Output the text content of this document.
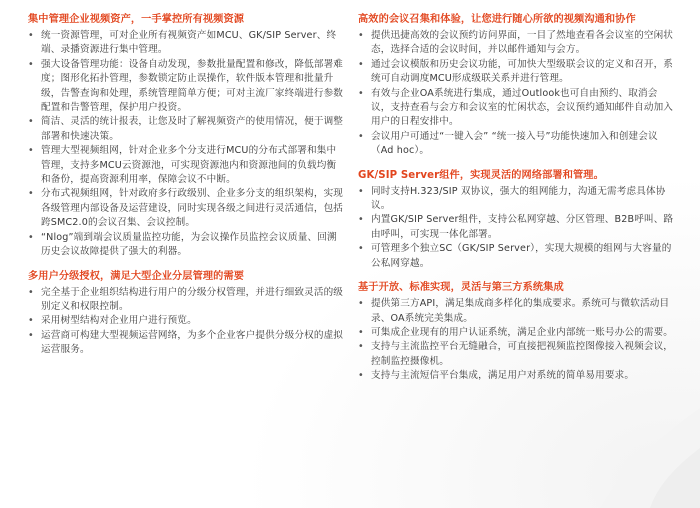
集中管理企业视频资产，一手掌控所有视频资源
• 统一资源管理，可对企业所有视频资产如MCU、GK/SIP Server、终端、录播资源进行集中管理。
• 强大设备管理功能：设备自动发现，参数批量配置和修改，降低部署难度；图形化拓扑管理，参数锁定防止误操作，软件版本管理和批量升级，告警查询和处理，系统管理简单方便；可对主流厂家终端进行参数配置和告警管理，保护用户投资。
• 简洁、灵活的统计报表，让您及时了解视频资产的使用情况，便于调整部署和快速决策。
• 管理大型视频组网，针对企业多个分支进行MCU的分布式部署和集中管理，支持多MCU云资源池，可实现资源池内和资源池间的负载均衡和备份，提高资源利用率，保障会议不中断。
• 分布式视频组网，针对政府多行政级别、企业多分支的组织架构，实现各级管理内部设备及运营建设，同时实现各级之间进行灵活通信，包括跨SMC2.0的会议召集、会议控制。
• “Nlog”端到端会议质量监控功能，为会议操作员监控会议质量、回溯历史会议故障提供了强大的利器。
多用户分级授权，满足大型企业分层管理的需要
• 完全基于企业组织结构进行用户的分级分权管理，并进行细致灵活的级别定义和权限控制。
• 采用树型结构对企业用户进行预览。
• 运营商可构建大型视频运营网络，为多个企业客户提供分级分权的虚拟运营服务。
高效的会议召集和体验，让您进行随心所欲的视频沟通和协作
• 提供迅捷高效的会议预约访问界面，一目了然地查看各会议室的空闲状态，选择合适的会议时间，并以邮件通知与会方。
• 通过会议模版和历史会议功能，可加快大型级联会议的定义和召开，系统可自动调度MCU形成级联关系并进行管理。
• 有效与企业OA系统进行集成，通过Outlook也可自由预约、取消会议，支持查看与会方和会议室的忙闲状态，会议预约通知邮件自动加入用户的日程安排中。
• 会议用户可通过“一键入会” “统一接入号”功能快速加入和创建会议（Ad hoc）。
GK/SIP Server组件，实现灵活的网络部署和管理。
• 同时支持H.323/SIP 双协议，强大的组网能力，沟通无需考虑具体协议。
• 内置GK/SIP Server组件，支持公私网穿越、分区管理、B2B呼叫、路由呼叫，可实现一体化部署。
• 可管理多个独立SC（GK/SIP Server），实现大规模的组网与大容量的公私网穿越。
基于开放、标准实现，灵活与第三方系统集成
• 提供第三方API，满足集成商多样化的集成要求。系统可与微软活动目录、OA系统完美集成。
• 可集成企业现有的用户认证系统，满足企业内部统一账号办公的需要。
• 支持与主流监控平台无缝融合，可直接把视频监控图像接入视频会议，控制监控摄像机。
• 支持与主流短信平台集成，满足用户对系统的简单易用要求。
